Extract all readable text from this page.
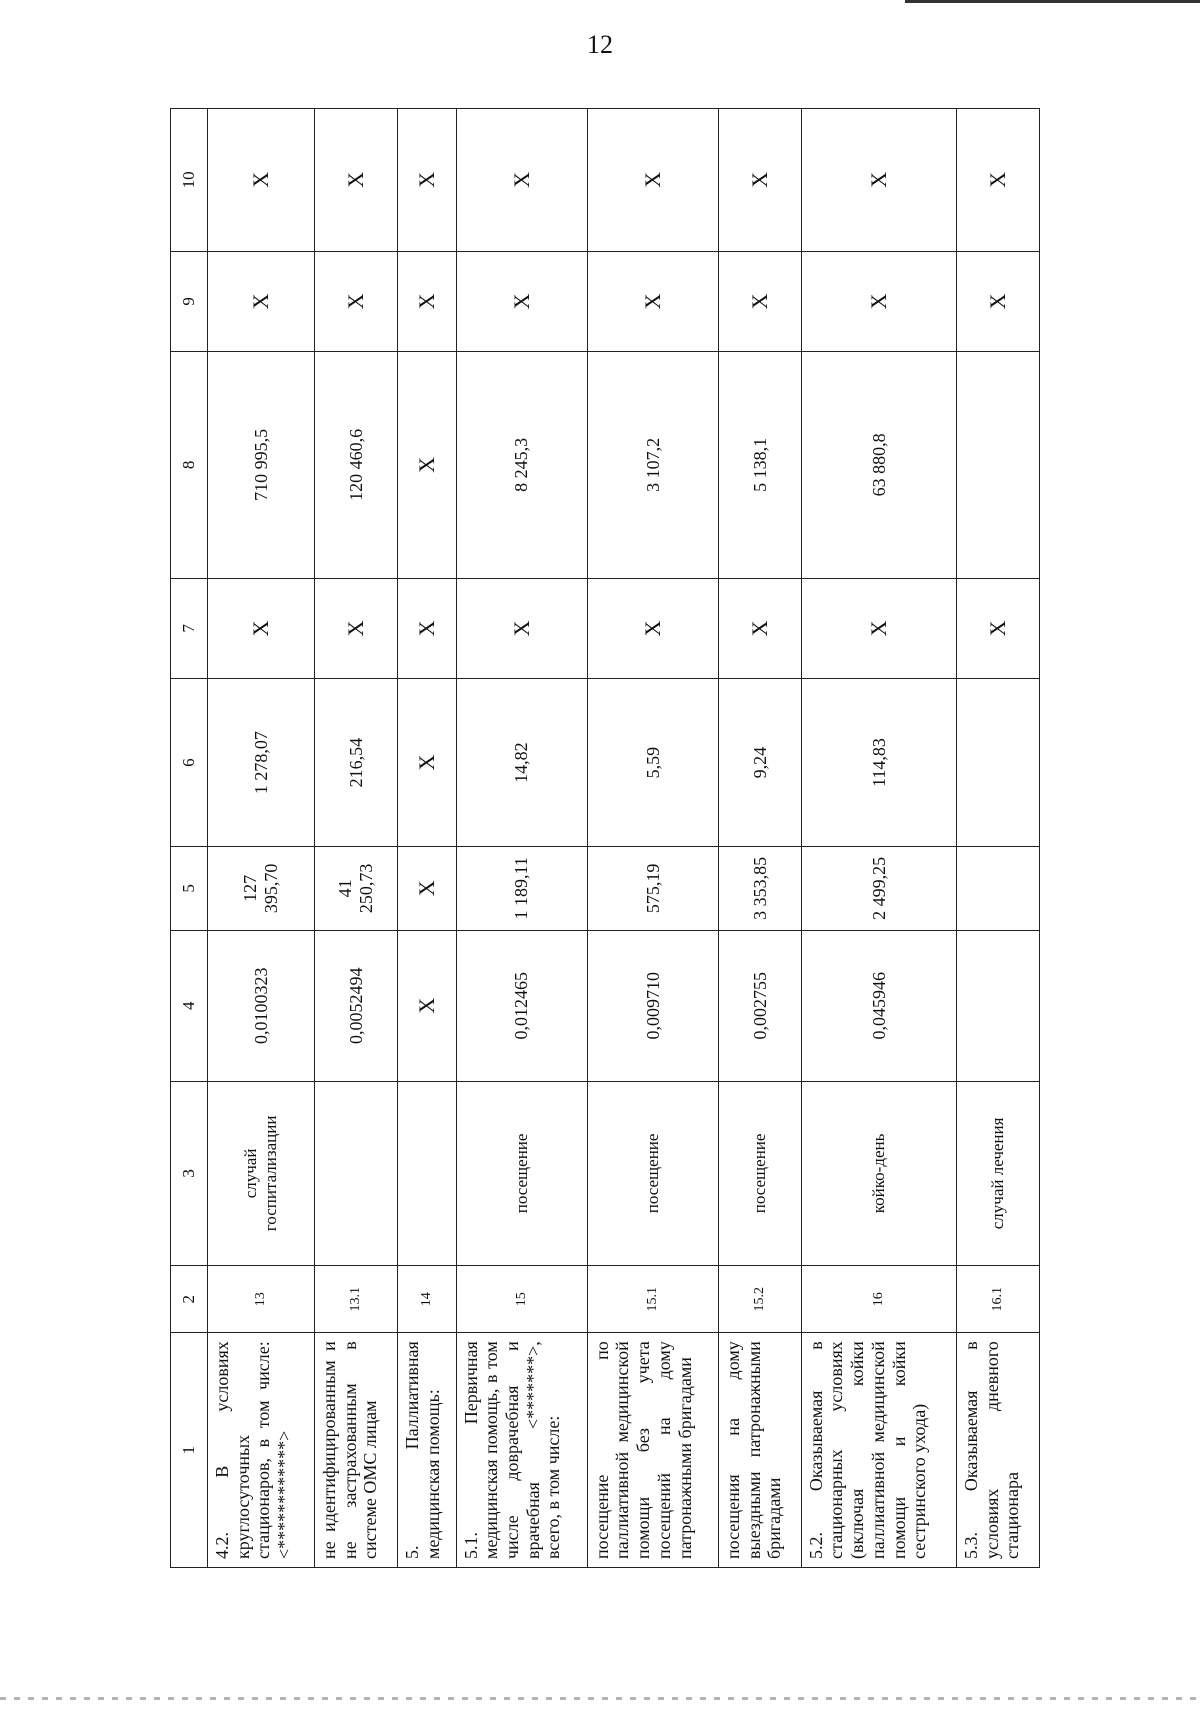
12
1	2	3	4	5	6	7	8	9	10
4.2. В условиях круглосуточных стационаров, в том числе: <************>	13	случай госпитализации	0,0100323	127 395,70	1 278,07	X	710 995,5	X	X
не идентифицированным и не застрахованным в системе ОМС лицам	13.1		0,0052494	41 250,73	216,54	X	120 460,6	X	X
5. Паллиативная медицинская помощь:	14		X	X	X	X	X	X	X
5.1. Первичная медицинская помощь, в том числе доврачебная и врачебная <*******>, всего, в том числе:	15	посещение	0,012465	1 189,11	14,82	X	8 245,3	X	X
посещение по паллиативной медицинской помощи без учета посещений на дому патронажными бригадами	15.1	посещение	0,009710	575,19	5,59	X	3 107,2	X	X
посещения на дому выездными патронажными бригадами	15.2	посещение	0,002755	3 353,85	9,24	X	5 138,1	X	X
5.2. Оказываемая в стационарных условиях (включая койки паллиативной медицинской помощи и койки сестринского ухода)	16	койко-день	0,045946	2 499,25	114,83	X	63 880,8	X	X
5.3. Оказываемая в условиях дневного стационара	16.1	случай лечения				X		X	X
